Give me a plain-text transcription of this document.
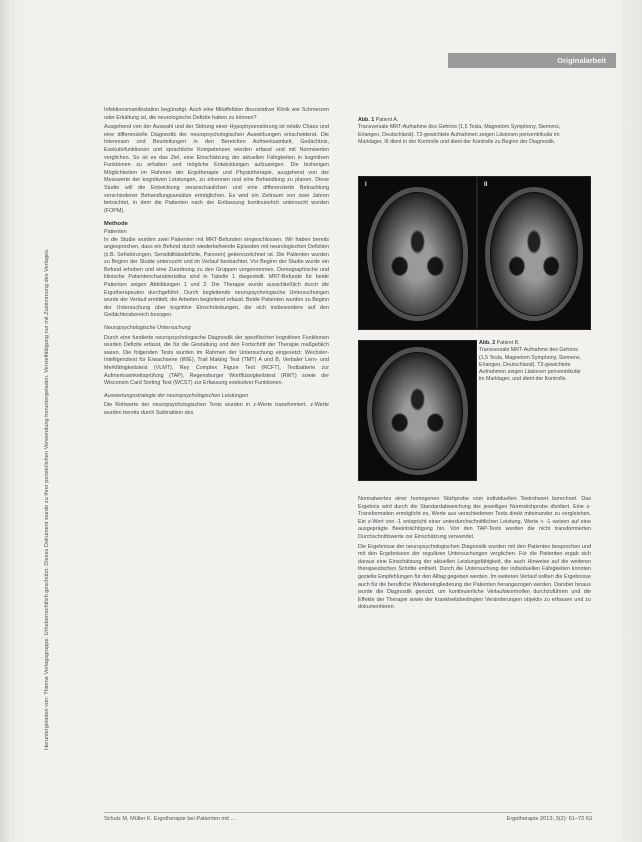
Originalarbeit
Heruntergeladen von: Thieme Verlagsgruppe. Urheberrechtlich geschützt. Dieses Dokument wurde zu Ihrer persönlichen Verwendung heruntergeladen. Vervielfältigung nur mit Zustimmung des Verlages.

Infektionsmanifestation begünstigt. Auch eine Mitaffektion dissoziativer Klinik wie Schmerzen oder Erkältung ist, die neurologische Defizite haben zu können?

Ausgehend von der Auswahl und der Störung einer Hypophysenstörung ist relativ Chaos und eine differenzielle Diagnostik der neuropsychologischen Auswirkungen entscheidend. Die Interessen und Beurteilungen in den Bereichen Aufmerksamkeit, Gedächtnis, Exekutivfunktionen und sprachliche Kompetenzen werden erfasst und mit Normwerten verglichen. So ist es das Ziel, eine Einschätzung der aktuellen Fähigkeiten in kognitiven Funktionen zu erhalten und mögliche Entwicklungen aufzuzeigen. Die bisherigen Möglichkeiten im Rahmen der Ergotherapie und Physiotherapie, ausgehend von der Messwerte der kognitiven Leistungen, zu erkennen und eine Behandlung zu planen. Diese Studie will die Entwicklung veranschaulichen und eine differenzierte Betrachtung verschiedener Behandlungsansätze ermöglichen. Es wird ein Zeitraum von zwei Jahren betrachtet, in dem die Patienten nach der Entlassung kontinuierlich untersucht wurden (FOPM).

Methode

Patienten

In die Studie wurden zwei Patienten mit MRT-Befunden eingeschlossen. Wir haben bereits angesprochen, dass ein Befund durch wiederkehrende Episoden mit neurologischen Defiziten (z.B. Sehstörungen, Sensibilitätsdefizite, Paresen) gekennzeichnet ist. Die Patienten wurden zu Beginn der Studie untersucht und im Verlauf beobachtet. Vor Beginn der Studie wurde ein Befund erhoben und eine Zuordnung zu den Gruppen vorgenommen. Demographische und klinische Patientencharakteristika sind in Tabelle 1 dargestellt. MRT-Befunde für beide Patienten zeigen Abbildungen 1 und 2. Die Therapie wurde ausschließlich durch die Ergotherapeuten durchgeführt. Durch begleitende neuropsychologische Untersuchungen wurde der Verlauf ermittelt, die Arbeiten begleitend erfasst. Beide Patienten wurden zu Beginn der Untersuchung über kognitive Einschränkungen, die sich insbesondere auf den Gedächtnisbereich bezogen.

Neuropsychologische Untersuchung

Durch eine fundierte neuropsychologische Diagnostik der spezifischen kognitiven Funktionen wurden Defizite erfasst, die für die Gestaltung und den Fortschritt der Therapie maßgeblich waren. Die folgenden Tests wurden im Rahmen der Untersuchung eingesetzt: Wechsler-Intelligenztest für Erwachsene (WIE), Trail Making Test (TMT) A und B, Verbaler Lern- und Merkfähigkeitstest (VLMT), Rey Complex Figure Test (RCFT), Testbatterie zur Aufmerksamkeitsprüfung (TAP), Regensburger Wortflüssigkeitstest (RWT) sowie der Wisconsin Card Sorting Test (WCST) zur Erfassung exekutiver Funktionen.

Auswertungsstrategie der neuropsychologischen Leistungen

Die Rohwerte der neuropsychologischen Tests wurden in z-Werte transformiert. z-Werte wurden bereits durch Subtraktion des

Abb. 1 Patient A.
Transversale MRT-Aufnahme des Gehirns (1,5 Tesla, Magnetom Symphony, Siemens, Erlangen, Deutschland). T2-gewichtete Aufnahmen zeigen Läsionen periventrikulär im Marklager, III dient in der Kontrolle und dient der Kontrolle zu Beginn der Diagnostik.
I	II
Abb. 2 Patient B.
Transversale MRT-Aufnahme des Gehirns (1,5 Tesla, Magnetom Symphony, Siemens, Erlangen, Deutschland). T2-gewichtete Aufnahmen zeigen Läsionen periventrikulär im Marklager, und dient der Kontrolle.

Normalwertes einer homogenen Stichprobe vom individuellen Testrohwert berechnet. Das Ergebnis wird durch die Standardabweichung der jeweiligen Normstichprobe dividiert. Eine z-Transformation ermöglicht es, Werte aus verschiedenen Tests direkt miteinander zu vergleichen. Ein z-Wert von -1 entspricht einer unterdurchschnittlichen Leistung, Werte < -1 weisen auf eine ausgeprägte Beeinträchtigung hin. Von den TAP-Tests wurden die nicht transformierten Durchschnittswerte zur Einschätzung verwendet.

Die Ergebnisse der neuropsychologischen Diagnostik wurden mit den Patienten besprochen und mit den Ergebnissen der regulären Untersuchungen verglichen. Für die Patienten ergab sich daraus eine Einschätzung der aktuellen Leistungsfähigkeit, die auch Hinweise auf die weiteren therapeutischen Schritte enthielt. Durch die Untersuchung der individuellen Fähigkeiten konnten gezielte Empfehlungen für den Alltag gegeben werden. Im weiteren Verlauf sollten die Ergebnisse auch für die berufliche Wiedereingliederung der Patienten herangezogen werden. Darüber hinaus wurde die Diagnostik genutzt, um kontinuierliche Verlaufskontrollen durchzuführen und die Effekte der Therapie sowie der krankheitsbedingten Veränderungen objektiv zu erfassen und zu dokumentieren.

Schulz M, Müller K. Ergotherapie bei Patienten mit ...	Ergotherapie 2013; 3(2): 61–72 63
